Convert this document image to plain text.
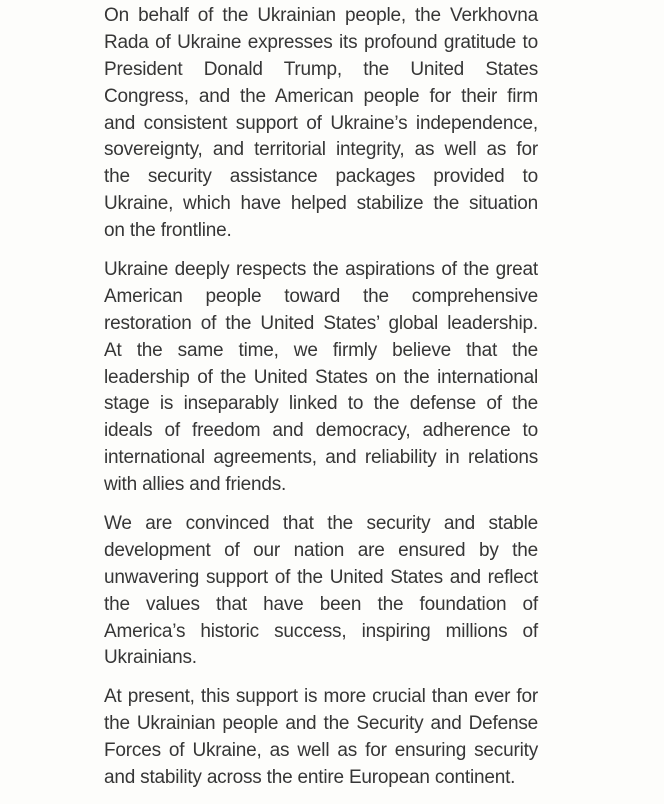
On behalf of the Ukrainian people, the Verkhovna
Rada of Ukraine expresses its profound gratitude to
President Donald Trump, the United States
Congress, and the American people for their firm
and consistent support of Ukraine’s independence,
sovereignty, and territorial integrity, as well as for
the security assistance packages provided to
Ukraine, which have helped stabilize the situation
on the frontline.
Ukraine deeply respects the aspirations of the great
American people toward the comprehensive
restoration of the United States’ global leadership.
At the same time, we firmly believe that the
leadership of the United States on the international
stage is inseparably linked to the defense of the
ideals of freedom and democracy, adherence to
international agreements, and reliability in relations
with allies and friends.
We are convinced that the security and stable
development of our nation are ensured by the
unwavering support of the United States and reflect
the values that have been the foundation of
America’s historic success, inspiring millions of
Ukrainians.
At present, this support is more crucial than ever for
the Ukrainian people and the Security and Defense
Forces of Ukraine, as well as for ensuring security
and stability across the entire European continent.
